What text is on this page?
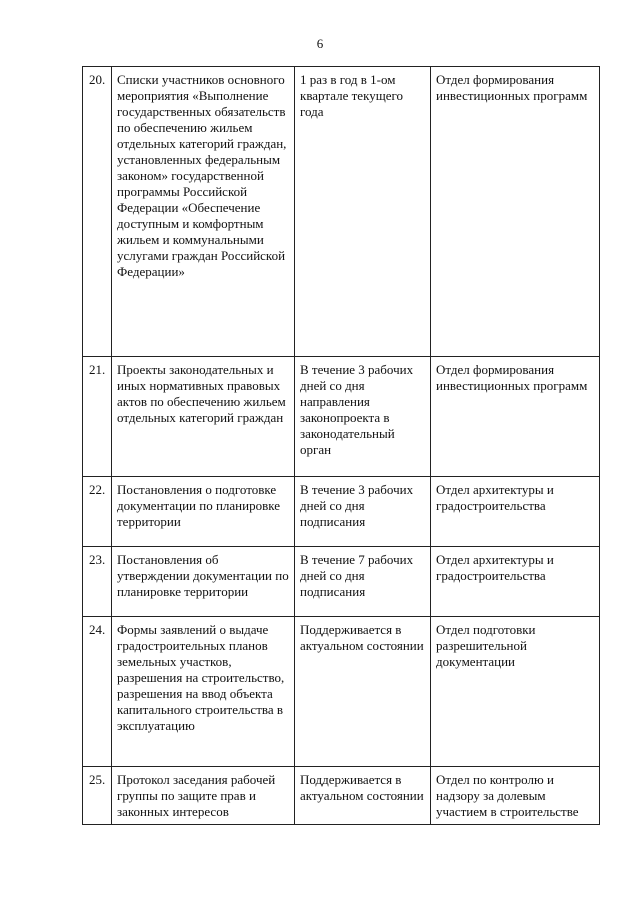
6
20.	Списки участников основного мероприятия «Выполнение государственных обязательств по обеспечению жильем отдельных категорий граждан, установленных федеральным законом» государственной программы Российской Федерации «Обеспечение доступным и комфортным жильем и коммунальными услугами граждан Российской Федерации»	1 раз в год в 1-ом квартале текущего года	Отдел формирования инвестиционных программ
21.	Проекты законодательных и иных нормативных правовых актов по обеспечению жильем отдельных категорий граждан	В течение 3 рабочих дней со дня направления законопроекта в законодательный орган	Отдел формирования инвестиционных программ
22.	Постановления о подготовке документации по планировке территории	В течение 3 рабочих дней со дня подписания	Отдел архитектуры и градостроительства
23.	Постановления об утверждении документации по планировке территории	В течение 7 рабочих дней со дня подписания	Отдел архитектуры и градостроительства
24.	Формы заявлений о выдаче градостроительных планов земельных участков, разрешения на строительство, разрешения на ввод объекта капитального строительства в эксплуатацию	Поддерживается в актуальном состоянии	Отдел подготовки разрешительной документации
25.	Протокол заседания рабочей группы по защите прав и законных интересов	Поддерживается в актуальном состоянии	Отдел по контролю и надзору за долевым участием в строительстве
